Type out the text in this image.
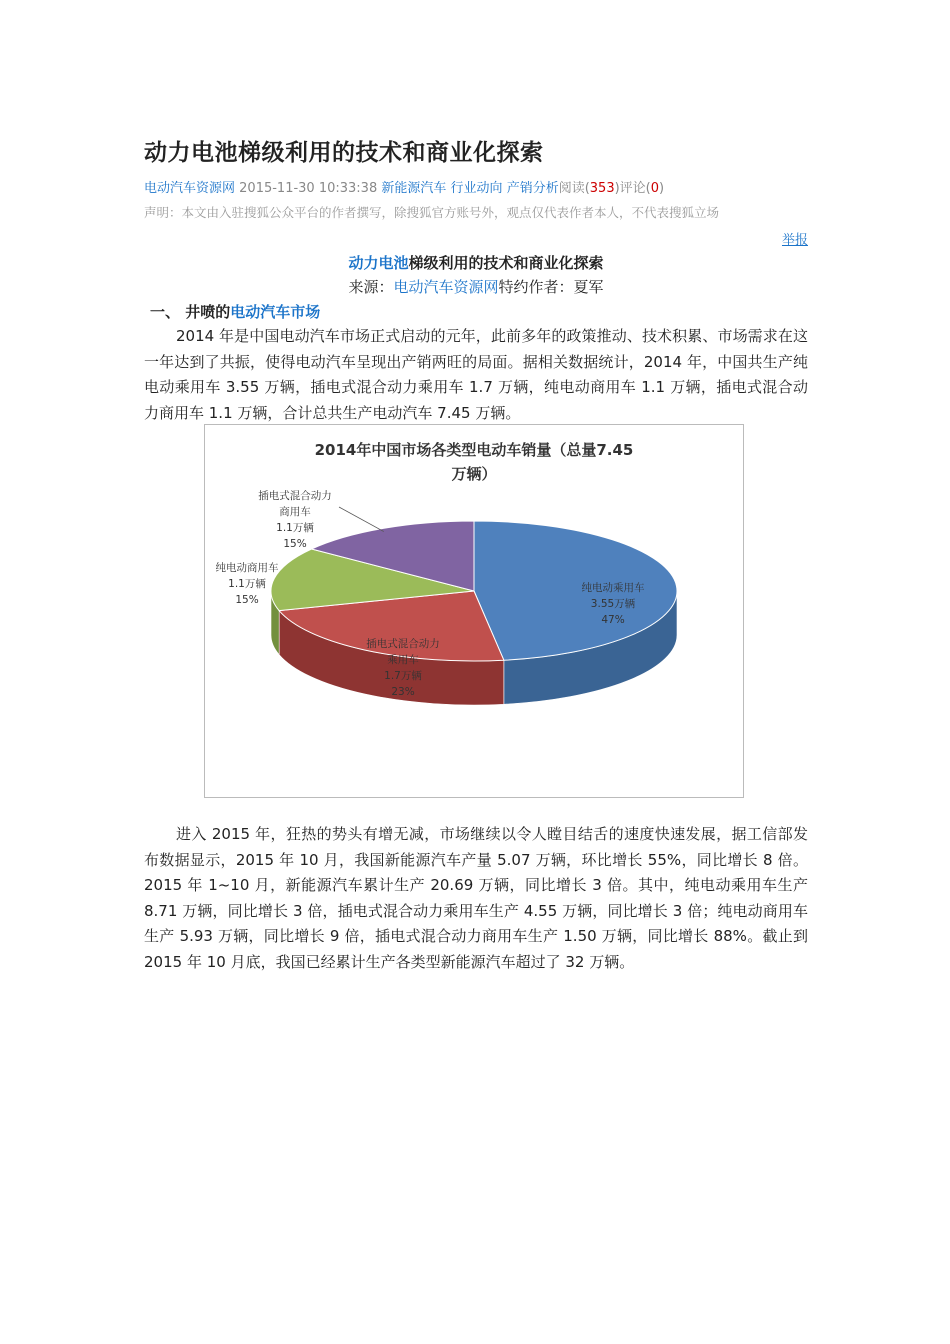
动力电池梯级利用的技术和商业化探索
电动汽车资源网 2015-11-30 10:33:38 新能源汽车 行业动向 产销分析阅读(353)评论(0)
声明：本文由入驻搜狐公众平台的作者撰写，除搜狐官方账号外，观点仅代表作者本人，不代表搜狐立场
举报
动力电池梯级利用的技术和商业化探索
来源：电动汽车资源网特约作者：夏军
一、 井喷的电动汽车市场
2014 年是中国电动汽车市场正式启动的元年，此前多年的政策推动、技术积累、市场需求在这一年达到了共振，使得电动汽车呈现出产销两旺的局面。据相关数据统计，2014 年，中国共生产纯电动乘用车 3.55 万辆，插电式混合动力乘用车 1.7 万辆，纯电动商用车 1.1 万辆，插电式混合动力商用车 1.1 万辆，合计总共生产电动汽车 7.45 万辆。
2014年中国市场各类型电动车销量（总量7.45
万辆）
纯电动乘用车
3.55万辆
47%
插电式混合动力
乘用车
1.7万辆
23%
纯电动商用车
1.1万辆
15%
插电式混合动力
商用车
1.1万辆
15%
进入 2015 年，狂热的势头有增无减，市场继续以令人瞠目结舌的速度快速发展，据工信部发布数据显示，2015 年 10 月，我国新能源汽车产量 5.07 万辆，环比增长 55%，同比增长 8 倍。2015 年 1~10 月，新能源汽车累计生产 20.69 万辆，同比增长 3 倍。其中，纯电动乘用车生产 8.71 万辆，同比增长 3 倍，插电式混合动力乘用车生产 4.55 万辆，同比增长 3 倍；纯电动商用车生产 5.93 万辆，同比增长 9 倍，插电式混合动力商用车生产 1.50 万辆，同比增长 88%。截止到 2015 年 10 月底，我国已经累计生产各类型新能源汽车超过了 32 万辆。
